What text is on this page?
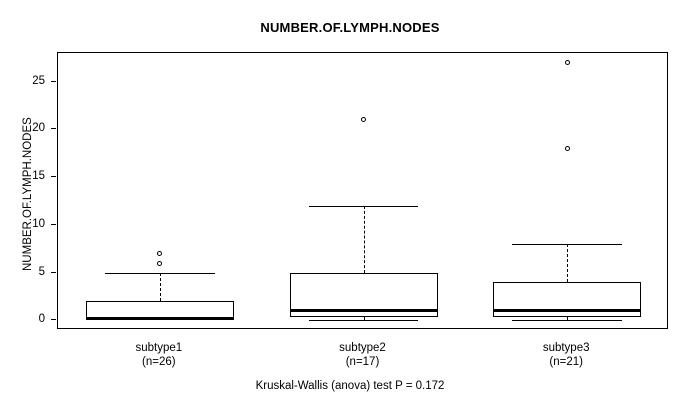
NUMBER.OF.LYMPH.NODES
NUMBER.OF.LYMPH.NODES
0
5
10
15
20
25
subtype1
(n=26)
subtype2
(n=17)
subtype3
(n=21)
Kruskal-Wallis (anova) test P = 0.172
